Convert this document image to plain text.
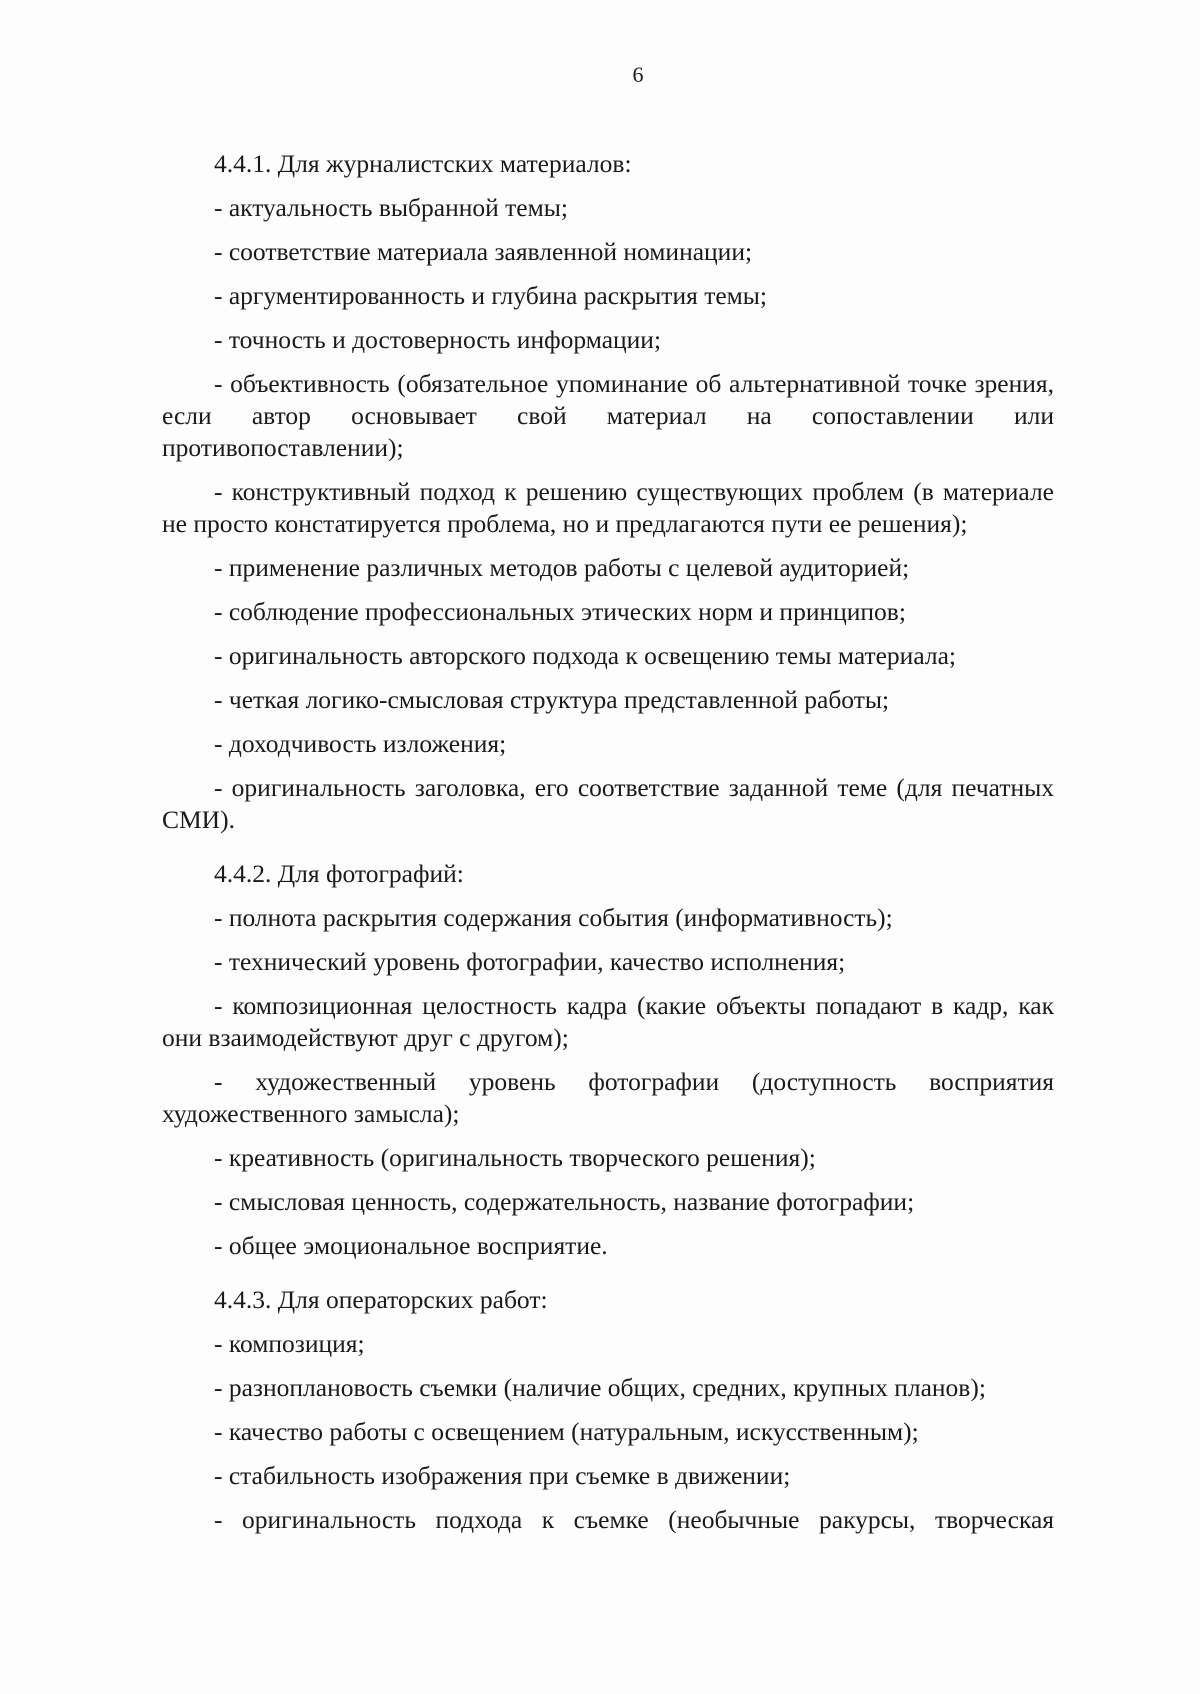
6

4.4.1. Для журналистских материалов:

- актуальность выбранной темы;

- соответствие материала заявленной номинации;

- аргументированность и глубина раскрытия темы;

- точность и достоверность информации;

- объективность (обязательное упоминание об альтернативной точке зрения, если автор основывает свой материал на сопоставлении или противопоставлении);

- конструктивный подход к решению существующих проблем (в материале не просто констатируется проблема, но и предлагаются пути ее решения);

- применение различных методов работы с целевой аудиторией;

- соблюдение профессиональных этических норм и принципов;

- оригинальность авторского подхода к освещению темы материала;

- четкая логико-смысловая структура представленной работы;

- доходчивость изложения;

- оригинальность заголовка, его соответствие заданной теме (для печатных СМИ).

4.4.2. Для фотографий:

- полнота раскрытия содержания события (информативность);

- технический уровень фотографии, качество исполнения;

- композиционная целостность кадра (какие объекты попадают в кадр, как они взаимодействуют друг с другом);

- художественный уровень фотографии (доступность восприятия художественного замысла);

- креативность (оригинальность творческого решения);

- смысловая ценность, содержательность, название фотографии;

- общее эмоциональное восприятие.

4.4.3. Для операторских работ:

- композиция;

- разноплановость съемки (наличие общих, средних, крупных планов);

- качество работы с освещением (натуральным, искусственным);

- стабильность изображения при съемке в движении;

- оригинальность подхода к съемке (необычные ракурсы, творческая
